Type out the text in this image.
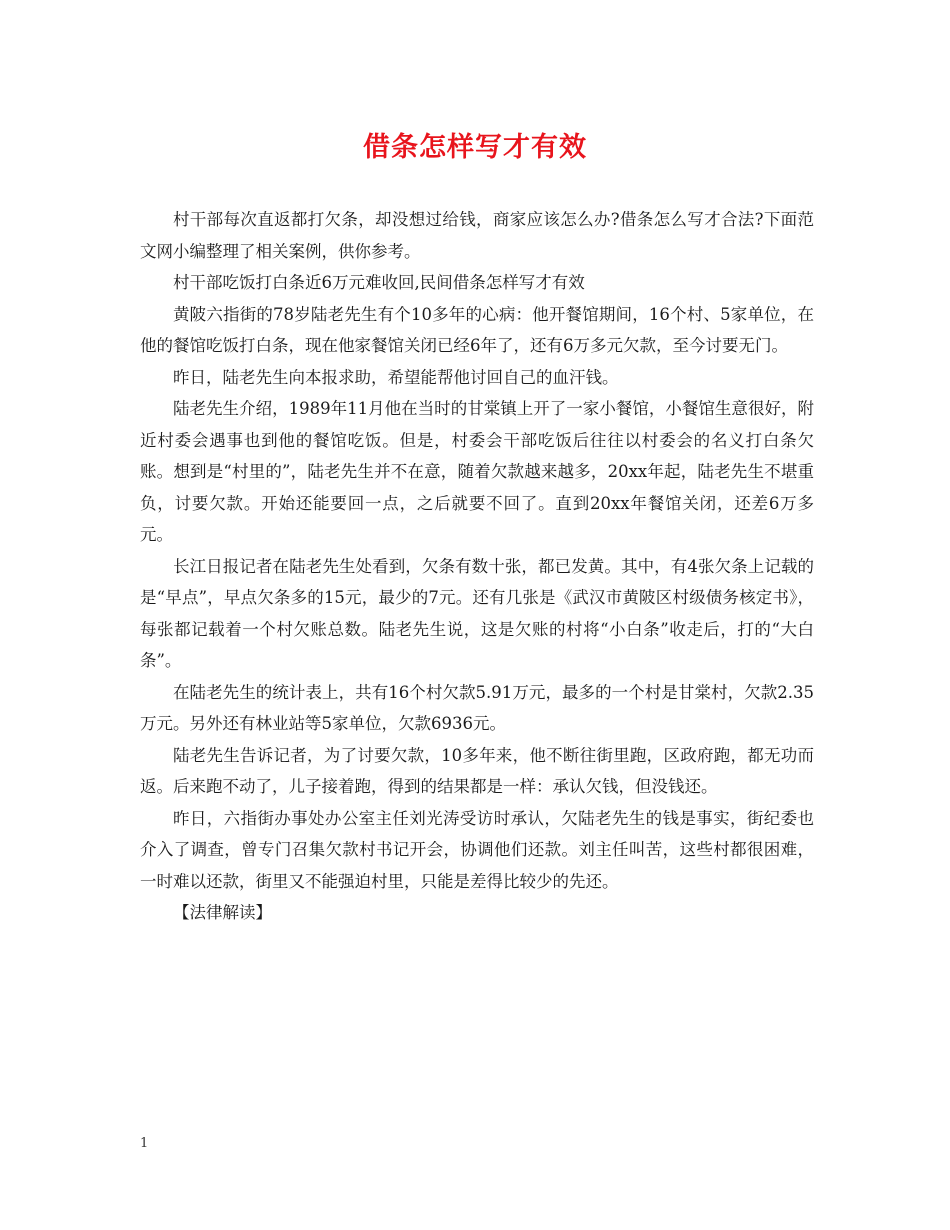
借条怎样写才有效

村干部每次直返都打欠条，却没想过给钱，商家应该怎么办?借条怎么写才合法?下面范文网小编整理了相关案例，供你参考。

村干部吃饭打白条近6万元难收回,民间借条怎样写才有效

黄陂六指街的78岁陆老先生有个10多年的心病：他开餐馆期间，16个村、5家单位，在他的餐馆吃饭打白条，现在他家餐馆关闭已经6年了，还有6万多元欠款，至今讨要无门。

昨日，陆老先生向本报求助，希望能帮他讨回自己的血汗钱。

陆老先生介绍，1989年11月他在当时的甘棠镇上开了一家小餐馆，小餐馆生意很好，附近村委会遇事也到他的餐馆吃饭。但是，村委会干部吃饭后往往以村委会的名义打白条欠账。想到是“村里的”，陆老先生并不在意，随着欠款越来越多，20xx年起，陆老先生不堪重负，讨要欠款。开始还能要回一点，之后就要不回了。直到20xx年餐馆关闭，还差6万多元。

长江日报记者在陆老先生处看到，欠条有数十张，都已发黄。其中，有4张欠条上记载的是“早点”，早点欠条多的15元，最少的7元。还有几张是《武汉市黄陂区村级债务核定书》，每张都记载着一个村欠账总数。陆老先生说，这是欠账的村将“小白条”收走后，打的“大白条”。

在陆老先生的统计表上，共有16个村欠款5.91万元，最多的一个村是甘棠村，欠款2.35万元。另外还有林业站等5家单位，欠款6936元。

陆老先生告诉记者，为了讨要欠款，10多年来，他不断往街里跑，区政府跑，都无功而返。后来跑不动了，儿子接着跑，得到的结果都是一样：承认欠钱，但没钱还。

昨日，六指街办事处办公室主任刘光涛受访时承认，欠陆老先生的钱是事实，街纪委也介入了调查，曾专门召集欠款村书记开会，协调他们还款。刘主任叫苦，这些村都很困难，一时难以还款，街里又不能强迫村里，只能是差得比较少的先还。

【法律解读】

1
